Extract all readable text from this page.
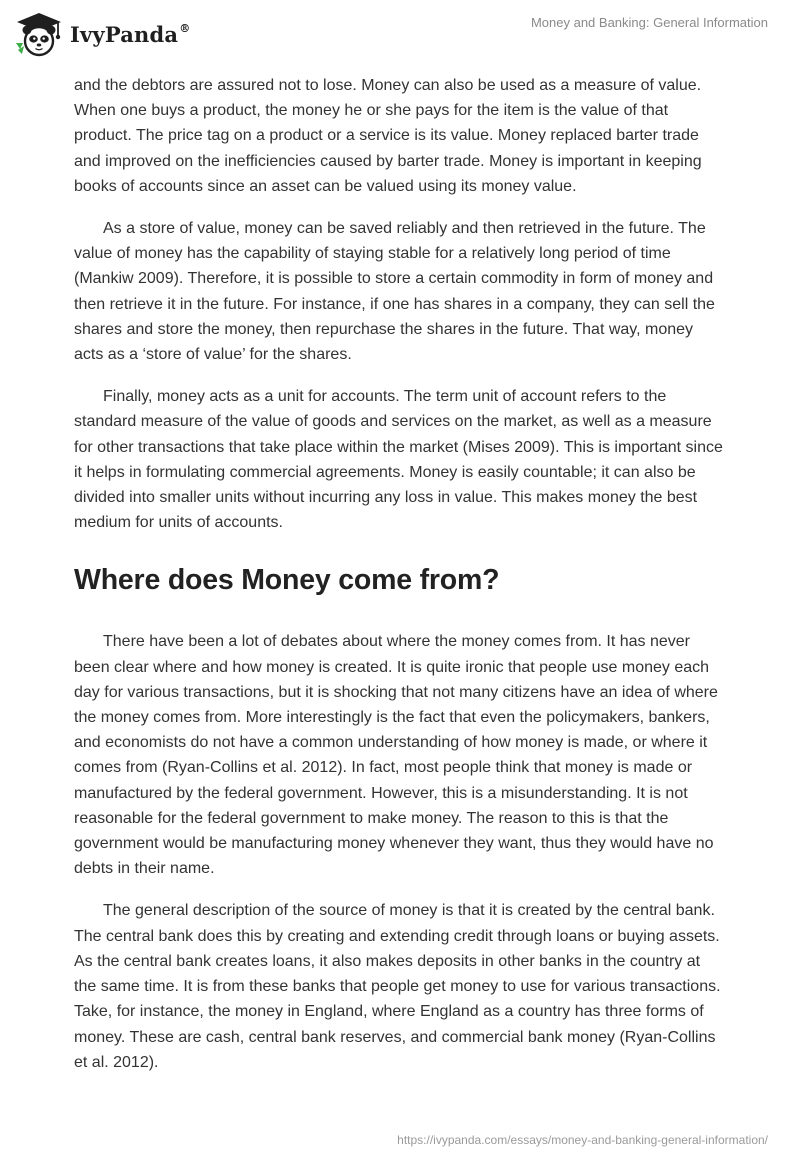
IvyPanda®	Money and Banking: General Information

and the debtors are assured not to lose. Money can also be used as a measure of value. When one buys a product, the money he or she pays for the item is the value of that product. The price tag on a product or a service is its value. Money replaced barter trade and improved on the inefficiencies caused by barter trade. Money is important in keeping books of accounts since an asset can be valued using its money value.

As a store of value, money can be saved reliably and then retrieved in the future. The value of money has the capability of staying stable for a relatively long period of time (Mankiw 2009). Therefore, it is possible to store a certain commodity in form of money and then retrieve it in the future. For instance, if one has shares in a company, they can sell the shares and store the money, then repurchase the shares in the future. That way, money acts as a ‘store of value’ for the shares.

Finally, money acts as a unit for accounts. The term unit of account refers to the standard measure of the value of goods and services on the market, as well as a measure for other transactions that take place within the market (Mises 2009). This is important since it helps in formulating commercial agreements. Money is easily countable; it can also be divided into smaller units without incurring any loss in value. This makes money the best medium for units of accounts.

Where does Money come from?

There have been a lot of debates about where the money comes from. It has never been clear where and how money is created. It is quite ironic that people use money each day for various transactions, but it is shocking that not many citizens have an idea of where the money comes from. More interestingly is the fact that even the policymakers, bankers, and economists do not have a common understanding of how money is made, or where it comes from (Ryan-Collins et al. 2012). In fact, most people think that money is made or manufactured by the federal government. However, this is a misunderstanding. It is not reasonable for the federal government to make money. The reason to this is that the government would be manufacturing money whenever they want, thus they would have no debts in their name.

The general description of the source of money is that it is created by the central bank. The central bank does this by creating and extending credit through loans or buying assets. As the central bank creates loans, it also makes deposits in other banks in the country at the same time. It is from these banks that people get money to use for various transactions. Take, for instance, the money in England, where England as a country has three forms of money. These are cash, central bank reserves, and commercial bank money (Ryan-Collins et al. 2012).

https://ivypanda.com/essays/money-and-banking-general-information/
